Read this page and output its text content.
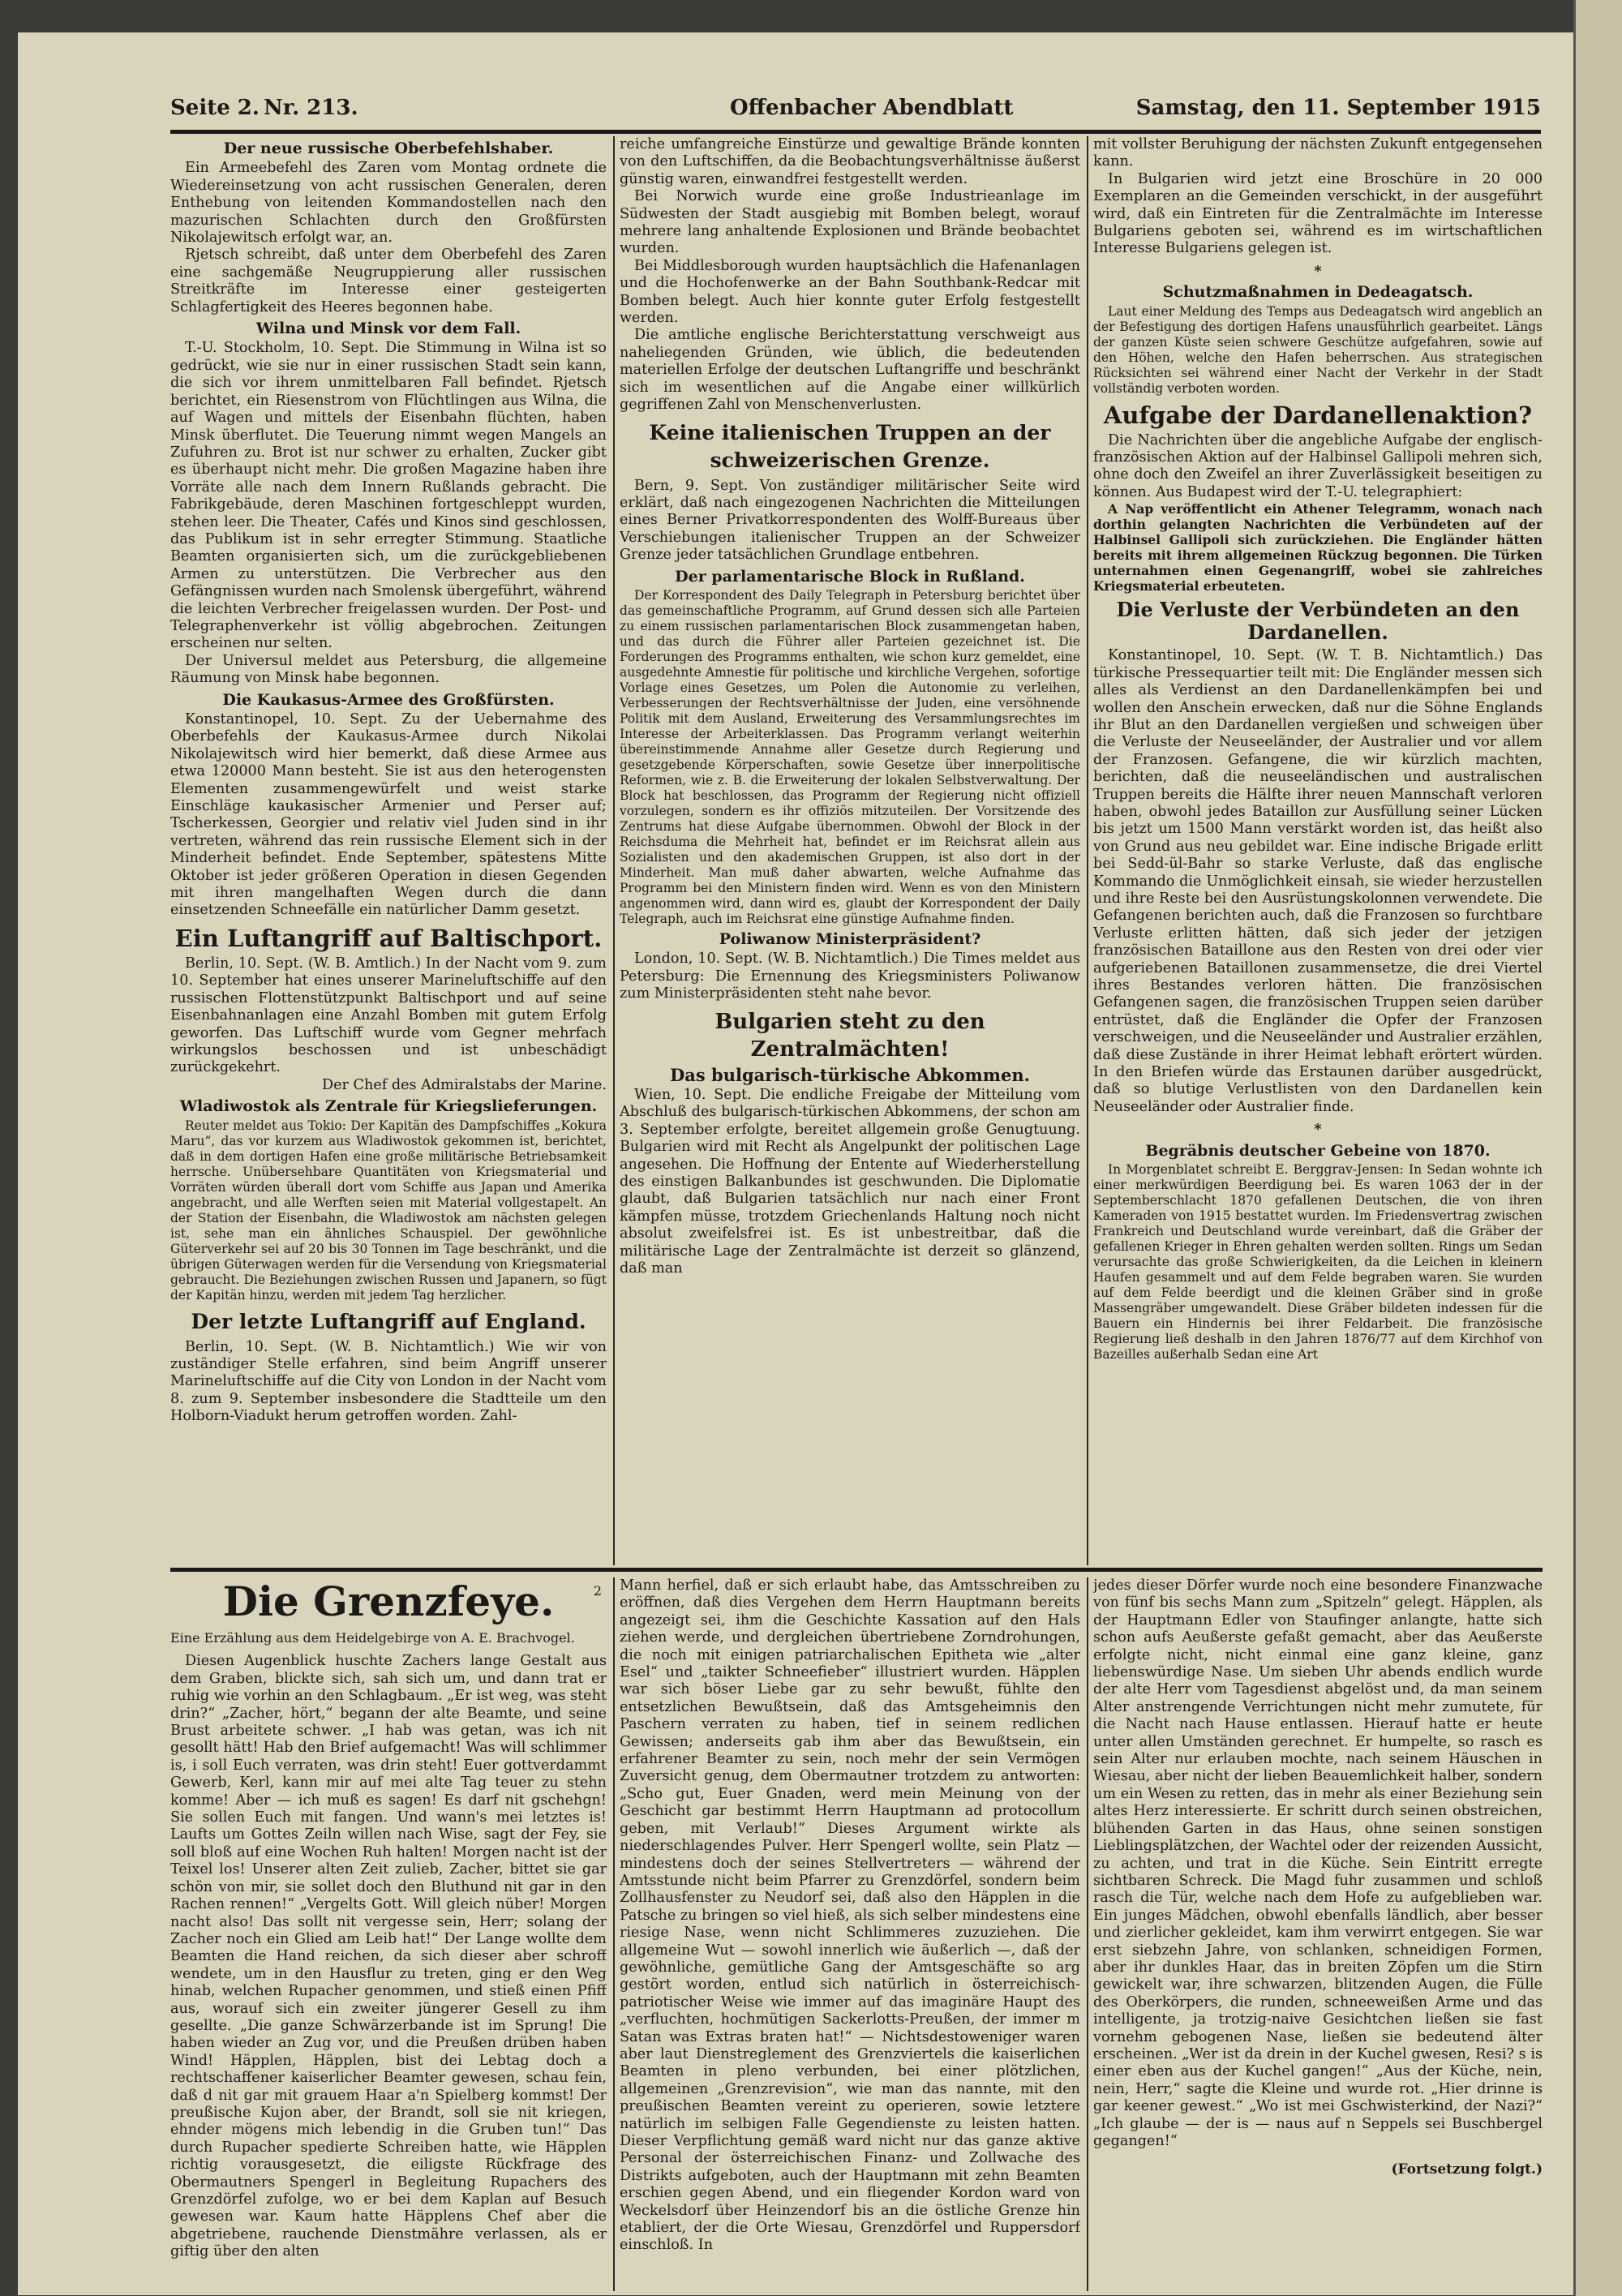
Seite 2. Nr. 213.	Offenbacher Abendblatt	Samstag, den 11. September 1915
Der neue russische Oberbefehlshaber.

Ein Armeebefehl des Zaren vom Montag ordnete die Wiedereinsetzung von acht russischen Generalen, deren Enthebung von leitenden Kommandostellen nach den mazurischen Schlachten durch den Großfürsten Nikolajewitsch erfolgt war, an.

Rjetsch schreibt, daß unter dem Oberbefehl des Zaren eine sachgemäße Neugruppierung aller russischen Streitkräfte im Interesse einer gesteigerten Schlagfertigkeit des Heeres begonnen habe.

Wilna und Minsk vor dem Fall.

T.-U. Stockholm, 10. Sept. Die Stimmung in Wilna ist so gedrückt, wie sie nur in einer russischen Stadt sein kann, die sich vor ihrem unmittelbaren Fall befindet. Rjetsch berichtet, ein Riesenstrom von Flüchtlingen aus Wilna, die auf Wagen und mittels der Eisenbahn flüchten, haben Minsk überflutet. Die Teuerung nimmt wegen Mangels an Zufuhren zu. Brot ist nur schwer zu erhalten, Zucker gibt es überhaupt nicht mehr. Die großen Magazine haben ihre Vorräte alle nach dem Innern Rußlands gebracht. Die Fabrikgebäude, deren Maschinen fortgeschleppt wurden, stehen leer. Die Theater, Cafés und Kinos sind geschlossen, das Publikum ist in sehr erregter Stimmung. Staatliche Beamten organisierten sich, um die zurückgebliebenen Armen zu unterstützen. Die Verbrecher aus den Gefängnissen wurden nach Smolensk übergeführt, während die leichten Verbrecher freigelassen wurden. Der Post- und Telegraphenverkehr ist völlig abgebrochen. Zeitungen erscheinen nur selten.

Der Universul meldet aus Petersburg, die allgemeine Räumung von Minsk habe begonnen.

Die Kaukasus-Armee des Großfürsten.

Konstantinopel, 10. Sept. Zu der Uebernahme des Oberbefehls der Kaukasus-Armee durch Nikolai Nikolajewitsch wird hier bemerkt, daß diese Armee aus etwa 120000 Mann besteht. Sie ist aus den heterogensten Elementen zusammengewürfelt und weist starke Einschläge kaukasischer Armenier und Perser auf; Tscherkessen, Georgier und relativ viel Juden sind in ihr vertreten, während das rein russische Element sich in der Minderheit befindet. Ende September, spätestens Mitte Oktober ist jeder größeren Operation in diesen Gegenden mit ihren mangelhaften Wegen durch die dann einsetzenden Schneefälle ein natürlicher Damm gesetzt.

Ein Luftangriff auf Baltischport.

Berlin, 10. Sept. (W. B. Amtlich.) In der Nacht vom 9. zum 10. September hat eines unserer Marineluftschiffe auf den russischen Flottenstützpunkt Baltischport und auf seine Eisenbahnanlagen eine Anzahl Bomben mit gutem Erfolg geworfen. Das Luftschiff wurde vom Gegner mehrfach wirkungslos beschossen und ist unbeschädigt zurückgekehrt.

Der Chef des Admiralstabs der Marine.

Wladiwostok als Zentrale für Kriegslieferungen.

Reuter meldet aus Tokio: Der Kapitän des Dampfschiffes „Kokura Maru“, das vor kurzem aus Wladiwostok gekommen ist, berichtet, daß in dem dortigen Hafen eine große militärische Betriebsamkeit herrsche. Unübersehbare Quantitäten von Kriegsmaterial und Vorräten würden überall dort vom Schiffe aus Japan und Amerika angebracht, und alle Werften seien mit Material vollgestapelt. An der Station der Eisenbahn, die Wladiwostok am nächsten gelegen ist, sehe man ein ähnliches Schauspiel. Der gewöhnliche Güterverkehr sei auf 20 bis 30 Tonnen im Tage beschränkt, und die übrigen Güterwagen werden für die Versendung von Kriegsmaterial gebraucht. Die Beziehungen zwischen Russen und Japanern, so fügt der Kapitän hinzu, werden mit jedem Tag herzlicher.

Der letzte Luftangriff auf England.

Berlin, 10. Sept. (W. B. Nichtamtlich.) Wie wir von zuständiger Stelle erfahren, sind beim Angriff unserer Marineluftschiffe auf die City von London in der Nacht vom 8. zum 9. September insbesondere die Stadtteile um den Holborn-Viadukt herum getroffen worden. Zahl-

reiche umfangreiche Einstürze und gewaltige Brände konnten von den Luftschiffen, da die Beobachtungsverhältnisse äußerst günstig waren, einwandfrei festgestellt werden.

Bei Norwich wurde eine große Industrieanlage im Südwesten der Stadt ausgiebig mit Bomben belegt, worauf mehrere lang anhaltende Explosionen und Brände beobachtet wurden.

Bei Middlesborough wurden hauptsächlich die Hafenanlagen und die Hochofenwerke an der Bahn Southbank-Redcar mit Bomben belegt. Auch hier konnte guter Erfolg festgestellt werden.

Die amtliche englische Berichterstattung verschweigt aus naheliegenden Gründen, wie üblich, die bedeutenden materiellen Erfolge der deutschen Luftangriffe und beschränkt sich im wesentlichen auf die Angabe einer willkürlich gegriffenen Zahl von Menschenverlusten.

Keine italienischen Truppen an der schweizerischen Grenze.

Bern, 9. Sept. Von zuständiger militärischer Seite wird erklärt, daß nach eingezogenen Nachrichten die Mitteilungen eines Berner Privatkorrespondenten des Wolff-Bureaus über Verschiebungen italienischer Truppen an der Schweizer Grenze jeder tatsächlichen Grundlage entbehren.

Der parlamentarische Block in Rußland.

Der Korrespondent des Daily Telegraph in Petersburg berichtet über das gemeinschaftliche Programm, auf Grund dessen sich alle Parteien zu einem russischen parlamentarischen Block zusammengetan haben, und das durch die Führer aller Parteien gezeichnet ist. Die Forderungen des Programms enthalten, wie schon kurz gemeldet, eine ausgedehnte Amnestie für politische und kirchliche Vergehen, sofortige Vorlage eines Gesetzes, um Polen die Autonomie zu verleihen, Verbesserungen der Rechtsverhältnisse der Juden, eine versöhnende Politik mit dem Ausland, Erweiterung des Versammlungsrechtes im Interesse der Arbeiterklassen. Das Programm verlangt weiterhin übereinstimmende Annahme aller Gesetze durch Regierung und gesetzgebende Körperschaften, sowie Gesetze über innerpolitische Reformen, wie z. B. die Erweiterung der lokalen Selbstverwaltung. Der Block hat beschlossen, das Programm der Regierung nicht offiziell vorzulegen, sondern es ihr offiziös mitzuteilen. Der Vorsitzende des Zentrums hat diese Aufgabe übernommen. Obwohl der Block in der Reichsduma die Mehrheit hat, befindet er im Reichsrat allein aus Sozialisten und den akademischen Gruppen, ist also dort in der Minderheit. Man muß daher abwarten, welche Aufnahme das Programm bei den Ministern finden wird. Wenn es von den Ministern angenommen wird, dann wird es, glaubt der Korrespondent der Daily Telegraph, auch im Reichsrat eine günstige Aufnahme finden.

Poliwanow Ministerpräsident?

London, 10. Sept. (W. B. Nichtamtlich.) Die Times meldet aus Petersburg: Die Ernennung des Kriegsministers Poliwanow zum Ministerpräsidenten steht nahe bevor.

Bulgarien steht zu den Zentralmächten!
Das bulgarisch-türkische Abkommen.

Wien, 10. Sept. Die endliche Freigabe der Mitteilung vom Abschluß des bulgarisch-türkischen Abkommens, der schon am 3. September erfolgte, bereitet allgemein große Genugtuung. Bulgarien wird mit Recht als Angelpunkt der politischen Lage angesehen. Die Hoffnung der Entente auf Wiederherstellung des einstigen Balkanbundes ist geschwunden. Die Diplomatie glaubt, daß Bulgarien tatsächlich nur nach einer Front kämpfen müsse, trotzdem Griechenlands Haltung noch nicht absolut zweifelsfrei ist. Es ist unbestreitbar, daß die militärische Lage der Zentralmächte ist derzeit so glänzend, daß man

mit vollster Beruhigung der nächsten Zukunft entgegensehen kann.

In Bulgarien wird jetzt eine Broschüre in 20 000 Exemplaren an die Gemeinden verschickt, in der ausgeführt wird, daß ein Eintreten für die Zentralmächte im Interesse Bulgariens geboten sei, während es im wirtschaftlichen Interesse Bulgariens gelegen ist.

*
Schutzmaßnahmen in Dedeagatsch.

Laut einer Meldung des Temps aus Dedeagatsch wird angeblich an der Befestigung des dortigen Hafens unausführlich gearbeitet. Längs der ganzen Küste seien schwere Geschütze aufgefahren, sowie auf den Höhen, welche den Hafen beherrschen. Aus strategischen Rücksichten sei während einer Nacht der Verkehr in der Stadt vollständig verboten worden.

Aufgabe der Dardanellenaktion?

Die Nachrichten über die angebliche Aufgabe der englisch-französischen Aktion auf der Halbinsel Gallipoli mehren sich, ohne doch den Zweifel an ihrer Zuverlässigkeit beseitigen zu können. Aus Budapest wird der T.-U. telegraphiert:

A Nap veröffentlicht ein Athener Telegramm, wonach nach dorthin gelangten Nachrichten die Verbündeten auf der Halbinsel Gallipoli sich zurückziehen. Die Engländer hätten bereits mit ihrem allgemeinen Rückzug begonnen. Die Türken unternahmen einen Gegenangriff, wobei sie zahlreiches Kriegsmaterial erbeuteten.

Die Verluste der Verbündeten an den Dardanellen.

Konstantinopel, 10. Sept. (W. T. B. Nichtamtlich.) Das türkische Pressequartier teilt mit: Die Engländer messen sich alles als Verdienst an den Dardanellenkämpfen bei und wollen den Anschein erwecken, daß nur die Söhne Englands ihr Blut an den Dardanellen vergießen und schweigen über die Verluste der Neuseeländer, der Australier und vor allem der Franzosen. Gefangene, die wir kürzlich machten, berichten, daß die neuseeländischen und australischen Truppen bereits die Hälfte ihrer neuen Mannschaft verloren haben, obwohl jedes Bataillon zur Ausfüllung seiner Lücken bis jetzt um 1500 Mann verstärkt worden ist, das heißt also von Grund aus neu gebildet war. Eine indische Brigade erlitt bei Sedd-ül-Bahr so starke Verluste, daß das englische Kommando die Unmöglichkeit einsah, sie wieder herzustellen und ihre Reste bei den Ausrüstungskolonnen verwendete. Die Gefangenen berichten auch, daß die Franzosen so furchtbare Verluste erlitten hätten, daß sich jeder der jetzigen französischen Bataillone aus den Resten von drei oder vier aufgeriebenen Bataillonen zusammensetze, die drei Viertel ihres Bestandes verloren hätten. Die französischen Gefangenen sagen, die französischen Truppen seien darüber entrüstet, daß die Engländer die Opfer der Franzosen verschweigen, und die Neuseeländer und Australier erzählen, daß diese Zustände in ihrer Heimat lebhaft erörtert würden. In den Briefen würde das Erstaunen darüber ausgedrückt, daß so blutige Verlustlisten von den Dardanellen kein Neuseeländer oder Australier finde.

*
Begräbnis deutscher Gebeine von 1870.

In Morgenblatet schreibt E. Berggrav-Jensen: In Sedan wohnte ich einer merkwürdigen Beerdigung bei. Es waren 1063 der in der Septemberschlacht 1870 gefallenen Deutschen, die von ihren Kameraden von 1915 bestattet wurden. Im Friedensvertrag zwischen Frankreich und Deutschland wurde vereinbart, daß die Gräber der gefallenen Krieger in Ehren gehalten werden sollten. Rings um Sedan verursachte das große Schwierigkeiten, da die Leichen in kleinern Haufen gesammelt und auf dem Felde begraben waren. Sie wurden auf dem Felde beerdigt und die kleinen Gräber sind in große Massengräber umgewandelt. Diese Gräber bildeten indessen für die Bauern ein Hindernis bei ihrer Feldarbeit. Die französische Regierung ließ deshalb in den Jahren 1876/77 auf dem Kirchhof von Bazeilles außerhalb Sedan eine Art

2
Die Grenzfeye.
Eine Erzählung aus dem Heidelgebirge von A. E. Brachvogel.

Diesen Augenblick huschte Zachers lange Gestalt aus dem Graben, blickte sich, sah sich um, und dann trat er ruhig wie vorhin an den Schlagbaum. „Er ist weg, was steht drin?“ „Zacher, hört,“ begann der alte Beamte, und seine Brust arbeitete schwer. „I hab was getan, was ich nit gesollt hätt! Hab den Brief aufgemacht! Was will schlimmer is, i soll Euch verraten, was drin steht! Euer gottverdammt Gewerb, Kerl, kann mir auf mei alte Tag teuer zu stehn komme! Aber — ich muß es sagen! Es darf nit gschehgn! Sie sollen Euch mit fangen. Und wann's mei letztes is! Laufts um Gottes Zeiln willen nach Wise, sagt der Fey, sie soll bloß auf eine Wochen Ruh halten! Morgen nacht ist der Teixel los! Unserer alten Zeit zulieb, Zacher, bittet sie gar schön von mir, sie sollet doch den Bluthund nit gar in den Rachen rennen!“ „Vergelts Gott. Will gleich nüber! Morgen nacht also! Das sollt nit vergesse sein, Herr; solang der Zacher noch ein Glied am Leib hat!“ Der Lange wollte dem Beamten die Hand reichen, da sich dieser aber schroff wendete, um in den Hausflur zu treten, ging er den Weg hinab, welchen Rupacher genommen, und stieß einen Pfiff aus, worauf sich ein zweiter jüngerer Gesell zu ihm gesellte. „Die ganze Schwärzerbande ist im Sprung! Die haben wieder an Zug vor, und die Preußen drüben haben Wind! Häpplen, Häpplen, bist dei Lebtag doch a rechtschaffener kaiserlicher Beamter gewesen, schau fein, daß d nit gar mit grauem Haar a'n Spielberg kommst! Der preußische Kujon aber, der Brandt, soll sie nit kriegen, ehnder mögens mich lebendig in die Gruben tun!“ Das durch Rupacher spedierte Schreiben hatte, wie Häpplen richtig vorausgesetzt, die eiligste Rückfrage des Obermautners Spengerl in Begleitung Rupachers des Grenzdörfel zufolge, wo er bei dem Kaplan auf Besuch gewesen war. Kaum hatte Häpplens Chef aber die abgetriebene, rauchende Dienstmähre verlassen, als er giftig über den alten

Mann herfiel, daß er sich erlaubt habe, das Amtsschreiben zu eröffnen, daß dies Vergehen dem Herrn Hauptmann bereits angezeigt sei, ihm die Geschichte Kassation auf den Hals ziehen werde, und dergleichen übertriebene Zorndrohungen, die noch mit einigen patriarchalischen Epitheta wie „alter Esel“ und „taikter Schneefieber“ illustriert wurden. Häpplen war sich böser Liebe gar zu sehr bewußt, fühlte den entsetzlichen Bewußtsein, daß das Amtsgeheimnis den Paschern verraten zu haben, tief in seinem redlichen Gewissen; anderseits gab ihm aber das Bewußtsein, ein erfahrener Beamter zu sein, noch mehr der sein Vermögen Zuversicht genug, dem Obermautner trotzdem zu antworten: „Scho gut, Euer Gnaden, werd mein Meinung von der Geschicht gar bestimmt Herrn Hauptmann ad protocollum geben, mit Verlaub!“ Dieses Argument wirkte als niederschlagendes Pulver. Herr Spengerl wollte, sein Platz — mindestens doch der seines Stellvertreters — während der Amtsstunde nicht beim Pfarrer zu Grenzdörfel, sondern beim Zollhausfenster zu Neudorf sei, daß also den Häpplen in die Patsche zu bringen so viel hieß, als sich selber mindestens eine riesige Nase, wenn nicht Schlimmeres zuzuziehen. Die allgemeine Wut — sowohl innerlich wie äußerlich —, daß der gewöhnliche, gemütliche Gang der Amtsgeschäfte so arg gestört worden, entlud sich natürlich in österreichisch-patriotischer Weise wie immer auf das imaginäre Haupt des „verfluchten, hochmütigen Sackerlotts-Preußen, der immer m Satan was Extras braten hat!“ — Nichtsdestoweniger waren aber laut Dienstreglement des Grenzviertels die kaiserlichen Beamten in pleno verbunden, bei einer plötzlichen, allgemeinen „Grenzrevision“, wie man das nannte, mit den preußischen Beamten vereint zu operieren, sowie letztere natürlich im selbigen Falle Gegendienste zu leisten hatten. Dieser Verpflichtung gemäß ward nicht nur das ganze aktive Personal der österreichischen Finanz- und Zollwache des Distrikts aufgeboten, auch der Hauptmann mit zehn Beamten erschien gegen Abend, und ein fliegender Kordon ward von Weckelsdorf über Heinzendorf bis an die östliche Grenze hin etabliert, der die Orte Wiesau, Grenzdörfel und Ruppersdorf einschloß. In

jedes dieser Dörfer wurde noch eine besondere Finanzwache von fünf bis sechs Mann zum „Spitzeln“ gelegt. Häpplen, als der Hauptmann Edler von Staufinger anlangte, hatte sich schon aufs Aeußerste gefaßt gemacht, aber das Aeußerste erfolgte nicht, nicht einmal eine ganz kleine, ganz liebenswürdige Nase. Um sieben Uhr abends endlich wurde der alte Herr vom Tagesdienst abgelöst und, da man seinem Alter anstrengende Verrichtungen nicht mehr zumutete, für die Nacht nach Hause entlassen. Hierauf hatte er heute unter allen Umständen gerechnet. Er humpelte, so rasch es sein Alter nur erlauben mochte, nach seinem Häuschen in Wiesau, aber nicht der lieben Beauemlichkeit halber, sondern um ein Wesen zu retten, das in mehr als einer Beziehung sein altes Herz interessierte. Er schritt durch seinen obstreichen, blühenden Garten in das Haus, ohne seinen sonstigen Lieblingsplätzchen, der Wachtel oder der reizenden Aussicht, zu achten, und trat in die Küche. Sein Eintritt erregte sichtbaren Schreck. Die Magd fuhr zusammen und schloß rasch die Tür, welche nach dem Hofe zu aufgeblieben war. Ein junges Mädchen, obwohl ebenfalls ländlich, aber besser und zierlicher gekleidet, kam ihm verwirrt entgegen. Sie war erst siebzehn Jahre, von schlanken, schneidigen Formen, aber ihr dunkles Haar, das in breiten Zöpfen um die Stirn gewickelt war, ihre schwarzen, blitzenden Augen, die Fülle des Oberkörpers, die runden, schneeweißen Arme und das intelligente, ja trotzig-naive Gesichtchen ließen sie fast vornehm gebogenen Nase, ließen sie bedeutend älter erscheinen. „Wer ist da drein in der Kuchel gwesen, Resi? s is einer eben aus der Kuchel gangen!“ „Aus der Küche, nein, nein, Herr,“ sagte die Kleine und wurde rot. „Hier drinne is gar keener gewest.“ „Wo ist mei Gschwisterkind, der Nazi?“ „Ich glaube — der is — naus auf n Seppels sei Buschbergel gegangen!“

(Fortsetzung folgt.)
